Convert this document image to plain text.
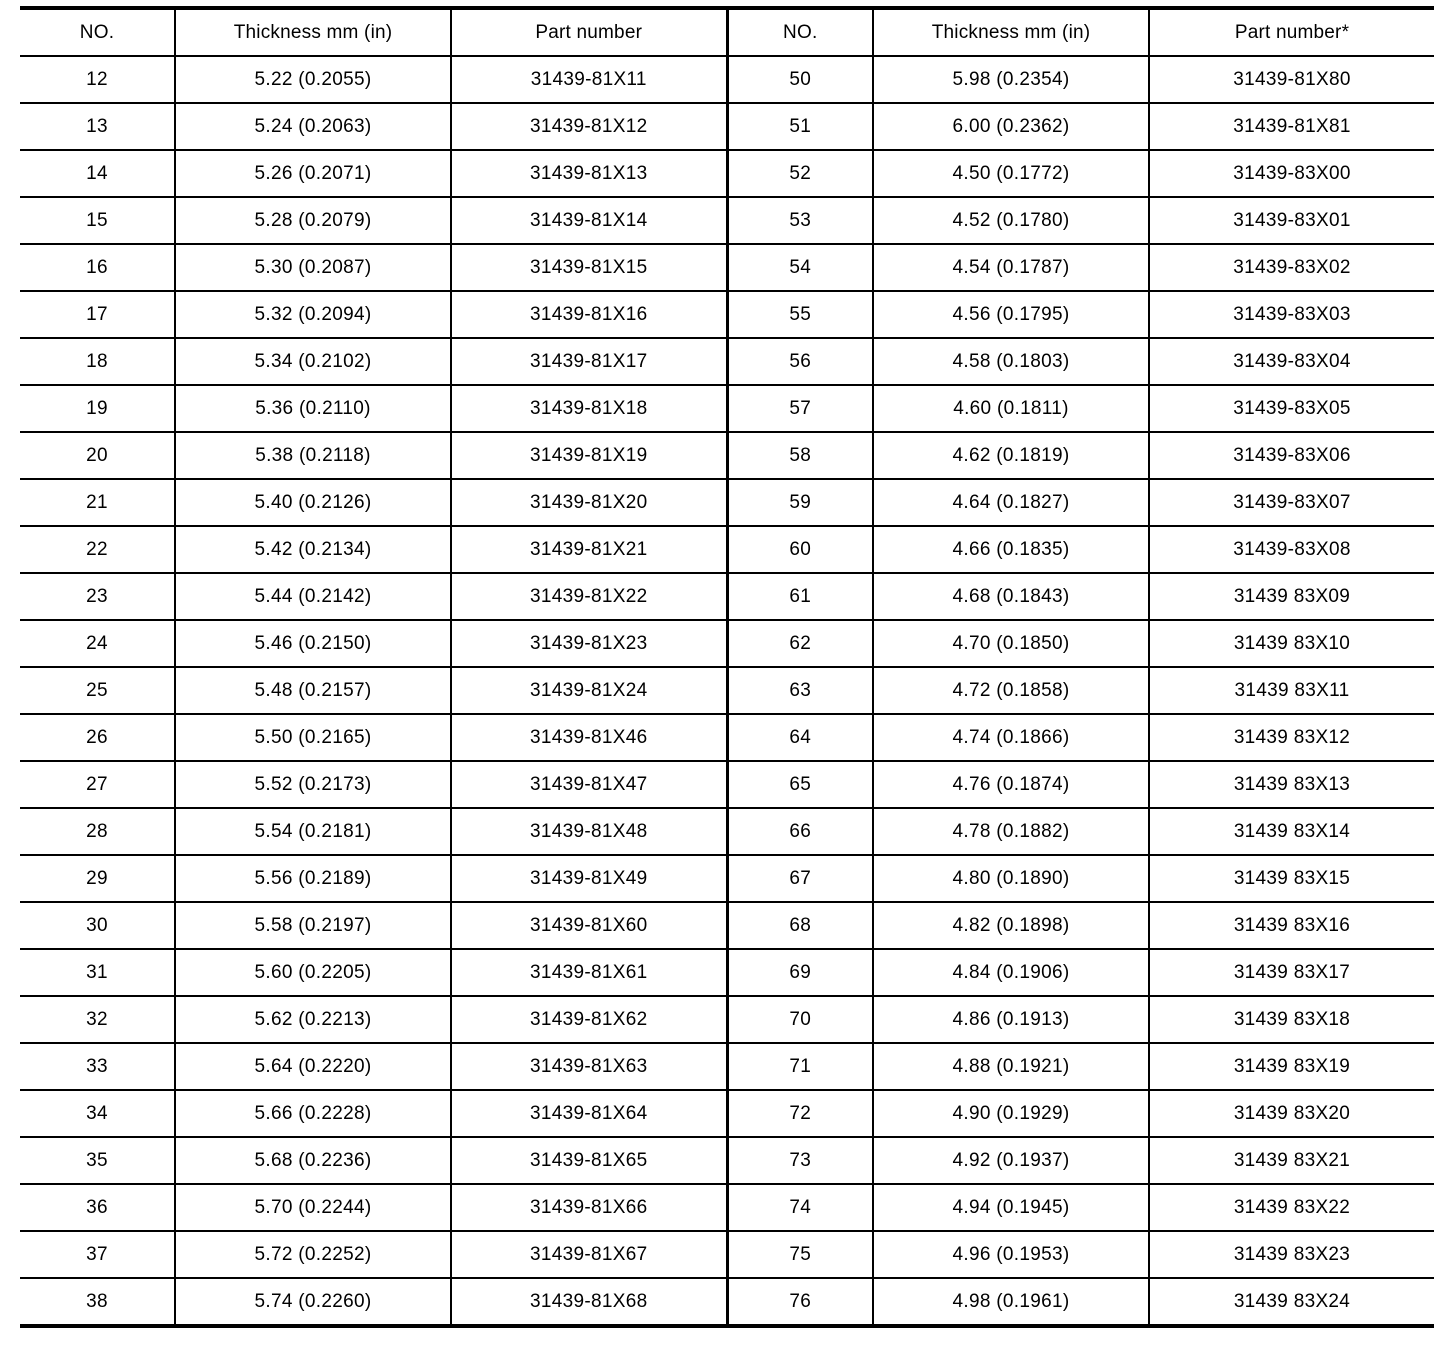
NO.	Thickness mm (in)	Part number	NO.	Thickness mm (in)	Part number*
12	5.22 (0.2055)	31439-81X11	50	5.98 (0.2354)	31439-81X80
13	5.24 (0.2063)	31439-81X12	51	6.00 (0.2362)	31439-81X81
14	5.26 (0.2071)	31439-81X13	52	4.50 (0.1772)	31439-83X00
15	5.28 (0.2079)	31439-81X14	53	4.52 (0.1780)	31439-83X01
16	5.30 (0.2087)	31439-81X15	54	4.54 (0.1787)	31439-83X02
17	5.32 (0.2094)	31439-81X16	55	4.56 (0.1795)	31439-83X03
18	5.34 (0.2102)	31439-81X17	56	4.58 (0.1803)	31439-83X04
19	5.36 (0.2110)	31439-81X18	57	4.60 (0.1811)	31439-83X05
20	5.38 (0.2118)	31439-81X19	58	4.62 (0.1819)	31439-83X06
21	5.40 (0.2126)	31439-81X20	59	4.64 (0.1827)	31439-83X07
22	5.42 (0.2134)	31439-81X21	60	4.66 (0.1835)	31439-83X08
23	5.44 (0.2142)	31439-81X22	61	4.68 (0.1843)	31439 83X09
24	5.46 (0.2150)	31439-81X23	62	4.70 (0.1850)	31439 83X10
25	5.48 (0.2157)	31439-81X24	63	4.72 (0.1858)	31439 83X11
26	5.50 (0.2165)	31439-81X46	64	4.74 (0.1866)	31439 83X12
27	5.52 (0.2173)	31439-81X47	65	4.76 (0.1874)	31439 83X13
28	5.54 (0.2181)	31439-81X48	66	4.78 (0.1882)	31439 83X14
29	5.56 (0.2189)	31439-81X49	67	4.80 (0.1890)	31439 83X15
30	5.58 (0.2197)	31439-81X60	68	4.82 (0.1898)	31439 83X16
31	5.60 (0.2205)	31439-81X61	69	4.84 (0.1906)	31439 83X17
32	5.62 (0.2213)	31439-81X62	70	4.86 (0.1913)	31439 83X18
33	5.64 (0.2220)	31439-81X63	71	4.88 (0.1921)	31439 83X19
34	5.66 (0.2228)	31439-81X64	72	4.90 (0.1929)	31439 83X20
35	5.68 (0.2236)	31439-81X65	73	4.92 (0.1937)	31439 83X21
36	5.70 (0.2244)	31439-81X66	74	4.94 (0.1945)	31439 83X22
37	5.72 (0.2252)	31439-81X67	75	4.96 (0.1953)	31439 83X23
38	5.74 (0.2260)	31439-81X68	76	4.98 (0.1961)	31439 83X24
